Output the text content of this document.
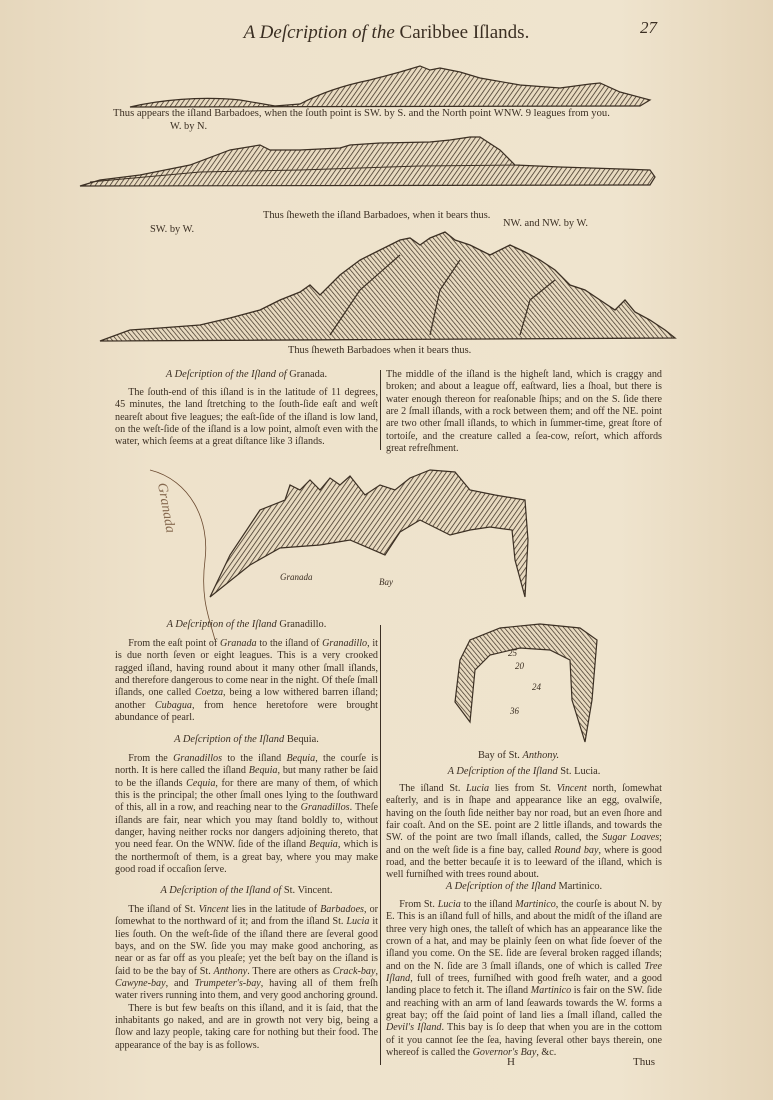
A Deſcription of the Caribbee Iſlands.	27
Thus appears the iſland Barbadoes, when the ſouth point is SW. by S. and the North point WNW. 9 leagues from you.
W. by N.
Thus ſheweth the iſland Barbadoes, when it bears thus.
SW. by W.
NW. and NW. by W.
Thus ſheweth Barbadoes when it bears thus.
Granada	Bay
25
20
24
36
Bay of St. Anthony.
Granada
A Deſcription of the Iſland of Granada.

The ſouth-end of this iſland is in the latitude of 11 degrees, 45 minutes, the land ſtretching to the ſouth-ſide eaſt and weſt neareſt about five leagues; the eaſt-ſide of the iſland is low land, on the weſt-ſide of the iſland is a low point, almoſt even with the water, which ſeems at a great diſtance like 3 iſlands.

The middle of the iſland is the higheſt land, which is craggy and broken; and about a league off, eaſtward, lies a ſhoal, but there is water enough thereon for reaſonable ſhips; and on the S. ſide there are 2 ſmall iſlands, with a rock between them; and off the NE. point are two other ſmall iſlands, to which in ſummer-time, great ſtore of tortoiſe, and the creature called a ſea-cow, reſort, which affords great refreſhment.

A Deſcription of the Iſland Granadillo.

From the eaſt point of Granada to the iſland of Granadillo, it is due north ſeven or eight leagues. This is a very crooked ragged iſland, having round about it many other ſmall iſlands, and therefore dangerous to come near in the night. Of theſe ſmall iſlands, one called Coetza, being a low withered barren iſland; another Cubagua, from hence heretofore were brought abundance of pearl.

A Deſcription of the Iſland Bequia.

From the Granadillos to the iſland Bequia, the courſe is north. It is here called the iſland Bequia, but many rather be ſaid to be the iſlands Cequia, for there are many of them, of which this is the principal; the other ſmall ones lying to the ſouthward of this, all in a row, and reaching near to the Granadillos. Theſe iſlands are fair, near which you may ſtand boldly to, without danger, having neither rocks nor dangers adjoining thereto, that you need fear. On the WNW. ſide of the iſland Bequia, which is the northermoſt of them, is a great bay, where you may make good road if occaſion ſerve.

A Deſcription of the Iſland of St. Vincent.

The iſland of St. Vincent lies in the latitude of Barbadoes, or ſomewhat to the northward of it; and from the iſland St. Lucia it lies ſouth. On the weſt-ſide of the iſland there are ſeveral good bays, and on the SW. ſide you may make good anchoring, as near or as far off as you pleaſe; yet the beſt bay on the iſland is ſaid to be the bay of St. Anthony. There are others as Crack-bay, Cawyne-bay, and Trumpeter's-bay, having all of them freſh water rivers running into them, and very good anchoring ground.

There is but few beaſts on this iſland, and it is ſaid, that the inhabitants go naked, and are in growth not very big, being a ſlow and lazy people, taking care for nothing but their food. The appearance of the bay is as follows.

A Deſcription of the Iſland St. Lucia.

The iſland St. Lucia lies from St. Vincent north, ſomewhat eaſterly, and is in ſhape and appearance like an egg, ovalwiſe, having on the ſouth ſide neither bay nor road, but an even ſhore and fair coaſt. And on the SE. point are 2 little iſlands, and towards the SW. of the point are two ſmall iſlands, called, the Sugar Loaves; and on the weſt ſide is a fine bay, called Round bay, where is good road, and the better becauſe it is to leeward of the iſland, which is well furniſhed with trees round about.

A Deſcription of the Iſland Martinico.

From St. Lucia to the iſland Martinico, the courſe is about N. by E. This is an iſland full of hills, and about the midſt of the iſland are three very high ones, the talleſt of which has an appearance like the crown of a hat, and may be plainly ſeen on what ſide ſoever of the iſland you come. On the SE. ſide are ſeveral broken ragged iſlands; and on the N. ſide are 3 ſmall iſlands, one of which is called Tree Iſland, full of trees, furniſhed with good freſh water, and a good landing place to fetch it. The iſland Martinico is fair on the SW. ſide and reaching with an arm of land ſeawards towards the W. forms a great bay; off the ſaid point of land lies a ſmall iſland, called the Devil's Iſland. This bay is ſo deep that when you are in the cottom of it you cannot ſee the ſea, having ſeveral other bays therein, one whereof is called the Governor's Bay, &c.

H	Thus
